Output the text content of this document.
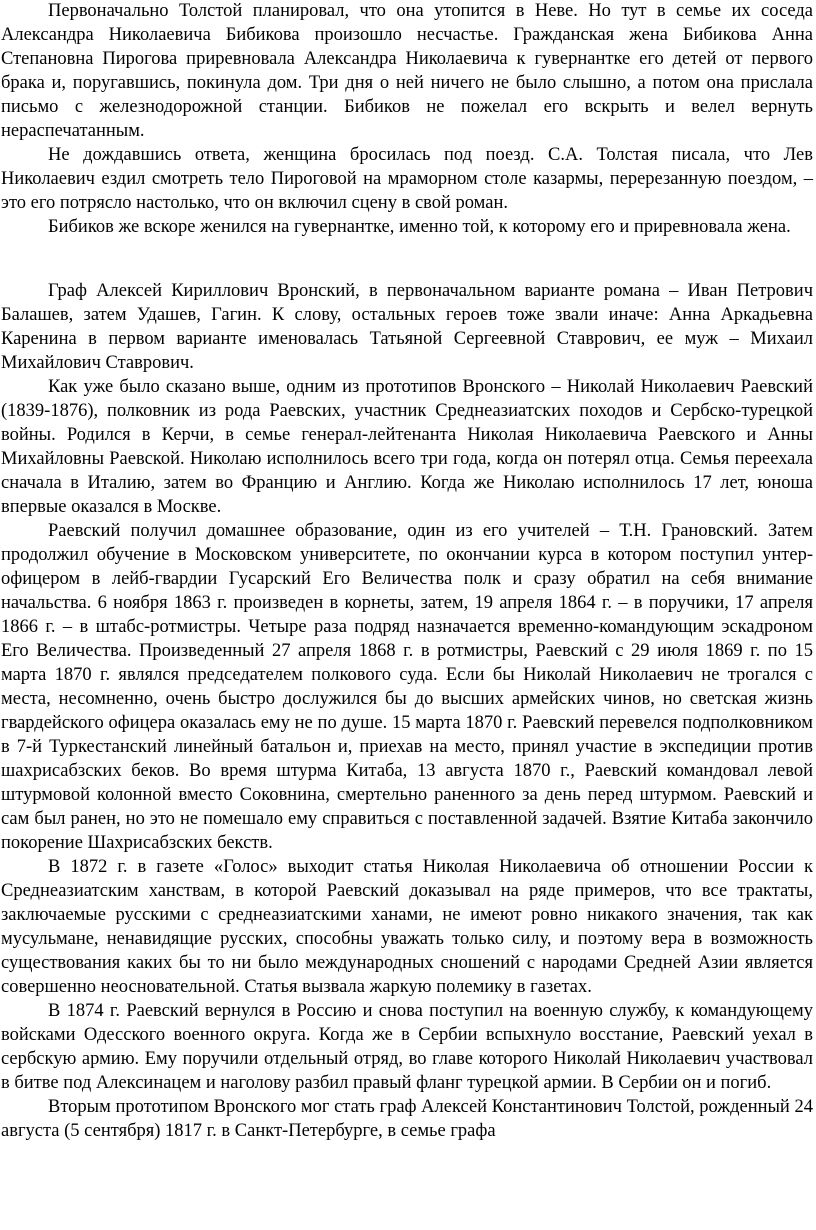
Первоначально Толстой планировал, что она утопится в Неве. Но тут в семье их соседа Александра Николаевича Бибикова произошло несчастье. Гражданская жена Бибикова Анна Степановна Пирогова приревновала Александра Николаевича к гувернантке его детей от первого брака и, поругавшись, покинула дом. Три дня о ней ничего не было слышно, а потом она прислала письмо с железнодорожной станции. Бибиков не пожелал его вскрыть и велел вернуть нераспечатанным.

Не дождавшись ответа, женщина бросилась под поезд. С.А. Толстая писала, что Лев Николаевич ездил смотреть тело Пироговой на мраморном столе казармы, перерезанную поездом, – это его потрясло настолько, что он включил сцену в свой роман.

Бибиков же вскоре женился на гувернантке, именно той, к которому его и приревновала жена.

Граф Алексей Кириллович Вронский, в первоначальном варианте романа – Иван Петрович Балашев, затем Удашев, Гагин. К слову, остальных героев тоже звали иначе: Анна Аркадьевна Каренина в первом варианте именовалась Татьяной Сергеевной Ставрович, ее муж – Михаил Михайлович Ставрович.

Как уже было сказано выше, одним из прототипов Вронского – Николай Николаевич Раевский (1839-1876), полковник из рода Раевских, участник Среднеазиатских походов и Сербско-турецкой войны. Родился в Керчи, в семье генерал-лейтенанта Николая Николаевича Раевского и Анны Михайловны Раевской. Николаю исполнилось всего три года, когда он потерял отца. Семья переехала сначала в Италию, затем во Францию и Англию. Когда же Николаю исполнилось 17 лет, юноша впервые оказался в Москве.

Раевский получил домашнее образование, один из его учителей – Т.Н. Грановский. Затем продолжил обучение в Московском университете, по окончании курса в котором поступил унтер-офицером в лейб-гвардии Гусарский Его Величества полк и сразу обратил на себя внимание начальства. 6 ноября 1863 г. произведен в корнеты, затем, 19 апреля 1864 г. – в поручики, 17 апреля 1866 г. – в штабс-ротмистры. Четыре раза подряд назначается временно-командующим эскадроном Его Величества. Произведенный 27 апреля 1868 г. в ротмистры, Раевский с 29 июля 1869 г. по 15 марта 1870 г. являлся председателем полкового суда. Если бы Николай Николаевич не трогался с места, несомненно, очень быстро дослужился бы до высших армейских чинов, но светская жизнь гвардейского офицера оказалась ему не по душе. 15 марта 1870 г. Раевский перевелся подполковником в 7-й Туркестанский линейный батальон и, приехав на место, принял участие в экспедиции против шахрисабзских беков. Во время штурма Китаба, 13 августа 1870 г., Раевский командовал левой штурмовой колонной вместо Соковнина, смертельно раненного за день перед штурмом. Раевский и сам был ранен, но это не помешало ему справиться с поставленной задачей. Взятие Китаба закончило покорение Шахрисабзских бекств.

В 1872 г. в газете «Голос» выходит статья Николая Николаевича об отношении России к Среднеазиатским ханствам, в которой Раевский доказывал на ряде примеров, что все трактаты, заключаемые русскими с среднеазиатскими ханами, не имеют ровно никакого значения, так как мусульмане, ненавидящие русских, способны уважать только силу, и поэтому вера в возможность существования каких бы то ни было международных сношений с народами Средней Азии является совершенно неосновательной. Статья вызвала жаркую полемику в газетах.

В 1874 г. Раевский вернулся в Россию и снова поступил на военную службу, к командующему войсками Одесского военного округа. Когда же в Сербии вспыхнуло восстание, Раевский уехал в сербскую армию. Ему поручили отдельный отряд, во главе которого Николай Николаевич участвовал в битве под Алексинацем и наголову разбил правый фланг турецкой армии. В Сербии он и погиб.

Вторым прототипом Вронского мог стать граф Алексей Константинович Толстой, рожденный 24 августа (5 сентября) 1817 г. в Санкт-Петербурге, в семье графа
